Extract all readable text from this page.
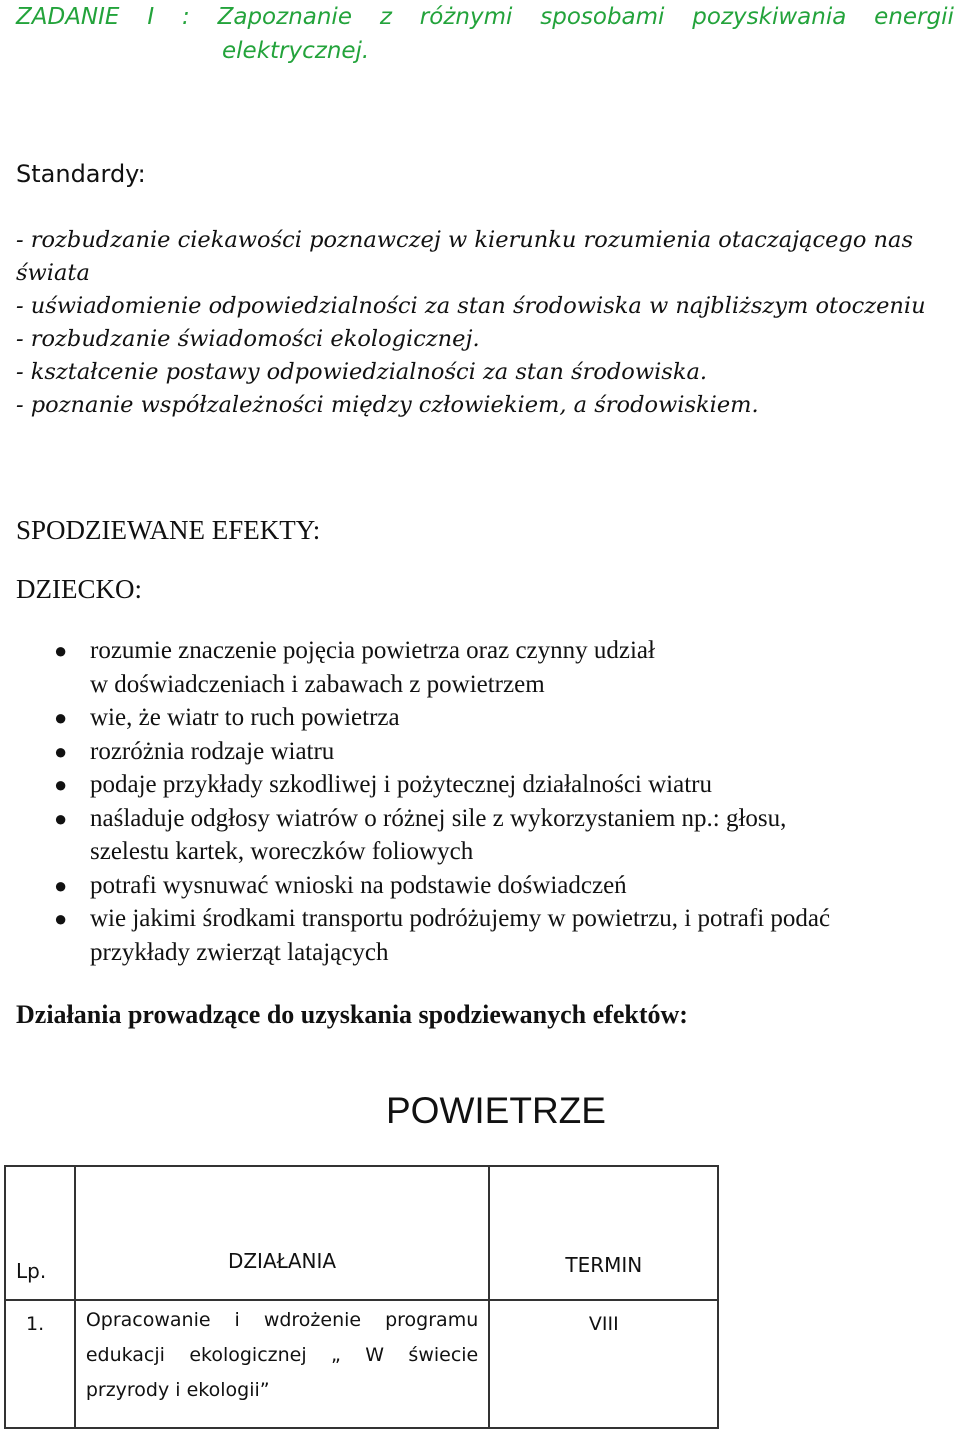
ZADANIE I : Zapoznanie z różnymi sposobami pozyskiwania energii
elektrycznej.
Standardy:
- rozbudzanie ciekawości poznawczej w kierunku rozumienia otaczającego nas świata
- uświadomienie odpowiedzialności za stan środowiska w najbliższym otoczeniu
- rozbudzanie świadomości ekologicznej.
- kształcenie postawy odpowiedzialności za stan środowiska.
- poznanie współzależności między człowiekiem, a środowiskiem.
SPODZIEWANE EFEKTY:
DZIECKO:
● rozumie znaczenie pojęcia powietrza oraz czynny udział
w doświadczeniach i zabawach z powietrzem
● wie, że wiatr to ruch powietrza
● rozróżnia rodzaje wiatru
● podaje przykłady szkodliwej i pożytecznej działalności wiatru
● naśladuje odgłosy wiatrów o różnej sile z wykorzystaniem np.: głosu,
szelestu kartek, woreczków foliowych
● potrafi wysnuwać wnioski na podstawie doświadczeń
● wie jakimi środkami transportu podróżujemy w powietrzu, i potrafi podać
przykłady zwierząt latających
Działania prowadzące do uzyskania spodziewanych efektów:
POWIETRZE
Lp.	DZIAŁANIA	TERMIN	
1.	Opracowanie i wdrożenie programu edukacji ekologicznej „ W świecie przyrody i ekologii”	VIII	
